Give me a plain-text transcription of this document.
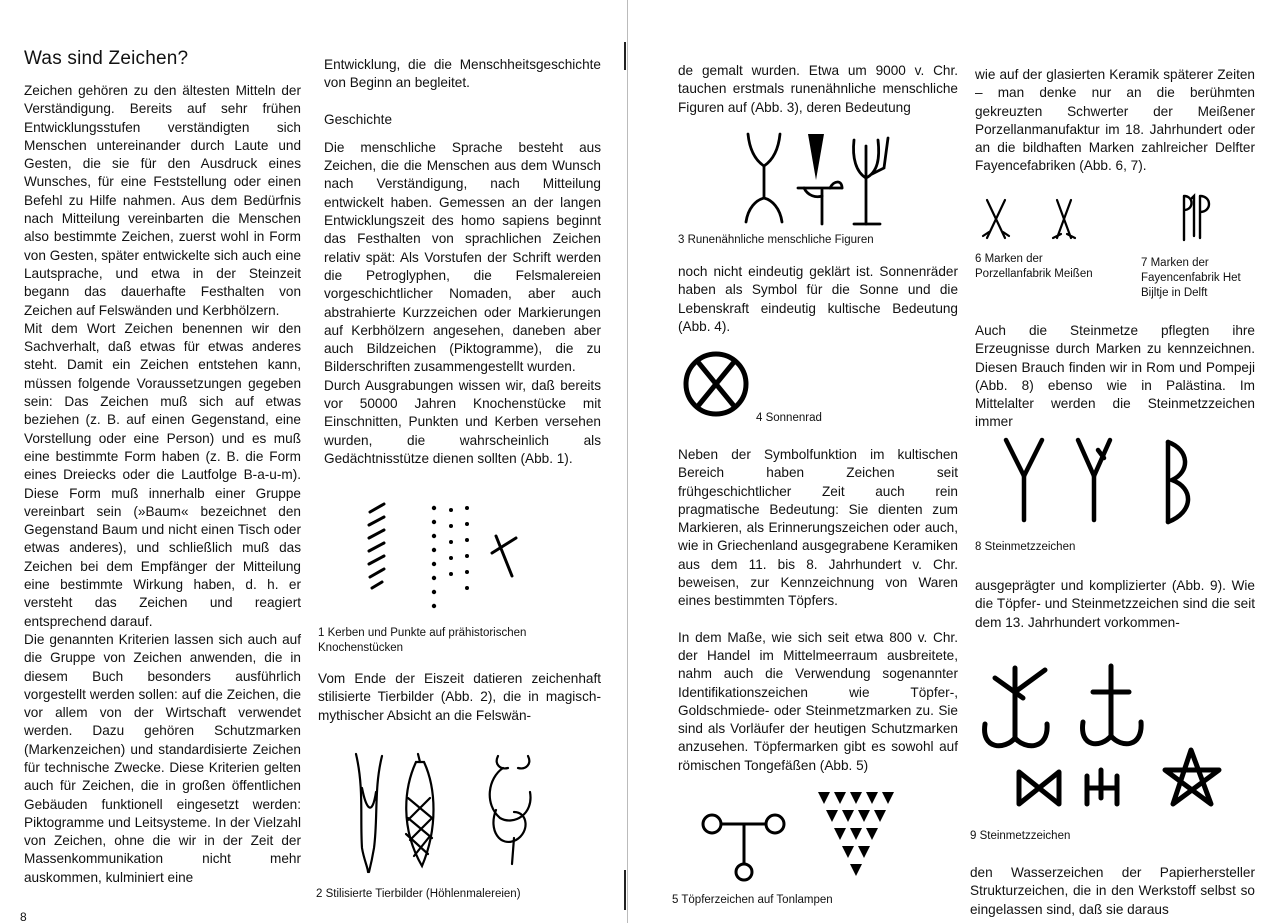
Was sind Zeichen?

Zeichen gehören zu den ältesten Mitteln der Verständigung. Bereits auf sehr frühen Entwicklungsstufen verständigten sich Menschen untereinander durch Laute und Gesten, die sie für den Ausdruck eines Wunsches, für eine Feststellung oder einen Befehl zu Hilfe nahmen. Aus dem Bedürfnis nach Mitteilung vereinbarten die Menschen also bestimmte Zeichen, zuerst wohl in Form von Gesten, später entwickelte sich auch eine Lautsprache, und etwa in der Steinzeit begann das dauerhafte Festhalten von Zeichen auf Felswänden und Kerbhölzern.

Mit dem Wort Zeichen benennen wir den Sachverhalt, daß etwas für etwas anderes steht. Damit ein Zeichen entstehen kann, müssen folgende Voraussetzungen gegeben sein: Das Zeichen muß sich auf etwas beziehen (z. B. auf einen Gegenstand, eine Vorstellung oder eine Person) und es muß eine bestimmte Form haben (z. B. die Form eines Dreiecks oder die Lautfolge B-a-u-m). Diese Form muß innerhalb einer Gruppe vereinbart sein (»Baum« bezeichnet den Gegenstand Baum und nicht einen Tisch oder etwas anderes), und schließlich muß das Zeichen bei dem Empfänger der Mitteilung eine bestimmte Wirkung haben, d. h. er versteht das Zeichen und reagiert entsprechend darauf.

Die genannten Kriterien lassen sich auch auf die Gruppe von Zeichen anwenden, die in diesem Buch besonders ausführlich vorgestellt werden sollen: auf die Zeichen, die vor allem von der Wirtschaft verwendet werden. Dazu gehören Schutzmarken (Markenzeichen) und standardisierte Zeichen für technische Zwecke. Diese Kriterien gelten auch für Zeichen, die in großen öffentlichen Gebäuden funktionell eingesetzt werden: Piktogramme und Leitsysteme. In der Vielzahl von Zeichen, ohne die wir in der Zeit der Massenkommunikation nicht mehr auskommen, kulminiert eine

Entwicklung, die die Menschheitsgeschichte von Beginn an begleitet.

Geschichte

Die menschliche Sprache besteht aus Zeichen, die die Menschen aus dem Wunsch nach Verständigung, nach Mitteilung entwickelt haben. Gemessen an der langen Entwicklungszeit des homo sapiens beginnt das Festhalten von sprachlichen Zeichen relativ spät: Als Vorstufen der Schrift werden die Petroglyphen, die Felsmalereien vorgeschichtlicher Nomaden, aber auch abstrahierte Kurzzeichen oder Markierungen auf Kerbhölzern angesehen, daneben aber auch Bildzeichen (Piktogramme), die zu Bilderschriften zusammengestellt wurden.

Durch Ausgrabungen wissen wir, daß bereits vor 50000 Jahren Knochenstücke mit Einschnitten, Punkten und Kerben versehen wurden, die wahrscheinlich als Gedächtnisstütze dienen sollten (Abb. 1).

1 Kerben und Punkte auf prähistorischen Knochenstücken

Vom Ende der Eiszeit datieren zeichenhaft stilisierte Tierbilder (Abb. 2), die in magisch-mythischer Absicht an die Felswän-

2 Stilisierte Tierbilder (Höhlenmalereien)
8

de gemalt wurden. Etwa um 9000 v. Chr. tauchen erstmals runenähnliche menschliche Figuren auf (Abb. 3), deren Bedeutung

3 Runenähnliche menschliche Figuren

noch nicht eindeutig geklärt ist. Sonnenräder haben als Symbol für die Sonne und die Lebenskraft eindeutig kultische Bedeutung (Abb. 4).

4 Sonnenrad

Neben der Symbolfunktion im kultischen Bereich haben Zeichen seit frühgeschichtlicher Zeit auch rein pragmatische Bedeutung: Sie dienten zum Markieren, als Erinnerungszeichen oder auch, wie in Griechenland ausgegrabene Keramiken aus dem 11. bis 8. Jahrhundert v. Chr. beweisen, zur Kennzeichnung von Waren eines bestimmten Töpfers.

In dem Maße, wie sich seit etwa 800 v. Chr. der Handel im Mittelmeerraum ausbreitete, nahm auch die Verwendung sogenannter Identifikationszeichen wie Töpfer-, Goldschmiede- oder Steinmetzmarken zu. Sie sind als Vorläufer der heutigen Schutzmarken anzusehen. Töpfermarken gibt es sowohl auf römischen Tongefäßen (Abb. 5)

5 Töpferzeichen auf Tonlampen

wie auf der glasierten Keramik späterer Zeiten – man denke nur an die berühmten gekreuzten Schwerter der Meißener Porzellanmanufaktur im 18. Jahrhundert oder an die bildhaften Marken zahlreicher Delfter Fayencefabriken (Abb. 6, 7).

6 Marken der Porzellanfabrik Meißen
7 Marken der Fayencenfabrik Het Bijltje in Delft

Auch die Steinmetze pflegten ihre Erzeugnisse durch Marken zu kennzeichnen. Diesen Brauch finden wir in Rom und Pompeji (Abb. 8) ebenso wie in Palästina. Im Mittelalter werden die Steinmetzzeichen immer

8 Steinmetzzeichen

ausgeprägter und komplizierter (Abb. 9). Wie die Töpfer- und Steinmetzzeichen sind die seit dem 13. Jahrhundert vorkommen-

9 Steinmetzzeichen

den Wasserzeichen der Papierhersteller Strukturzeichen, die in den Werkstoff selbst so eingelassen sind, daß sie daraus
